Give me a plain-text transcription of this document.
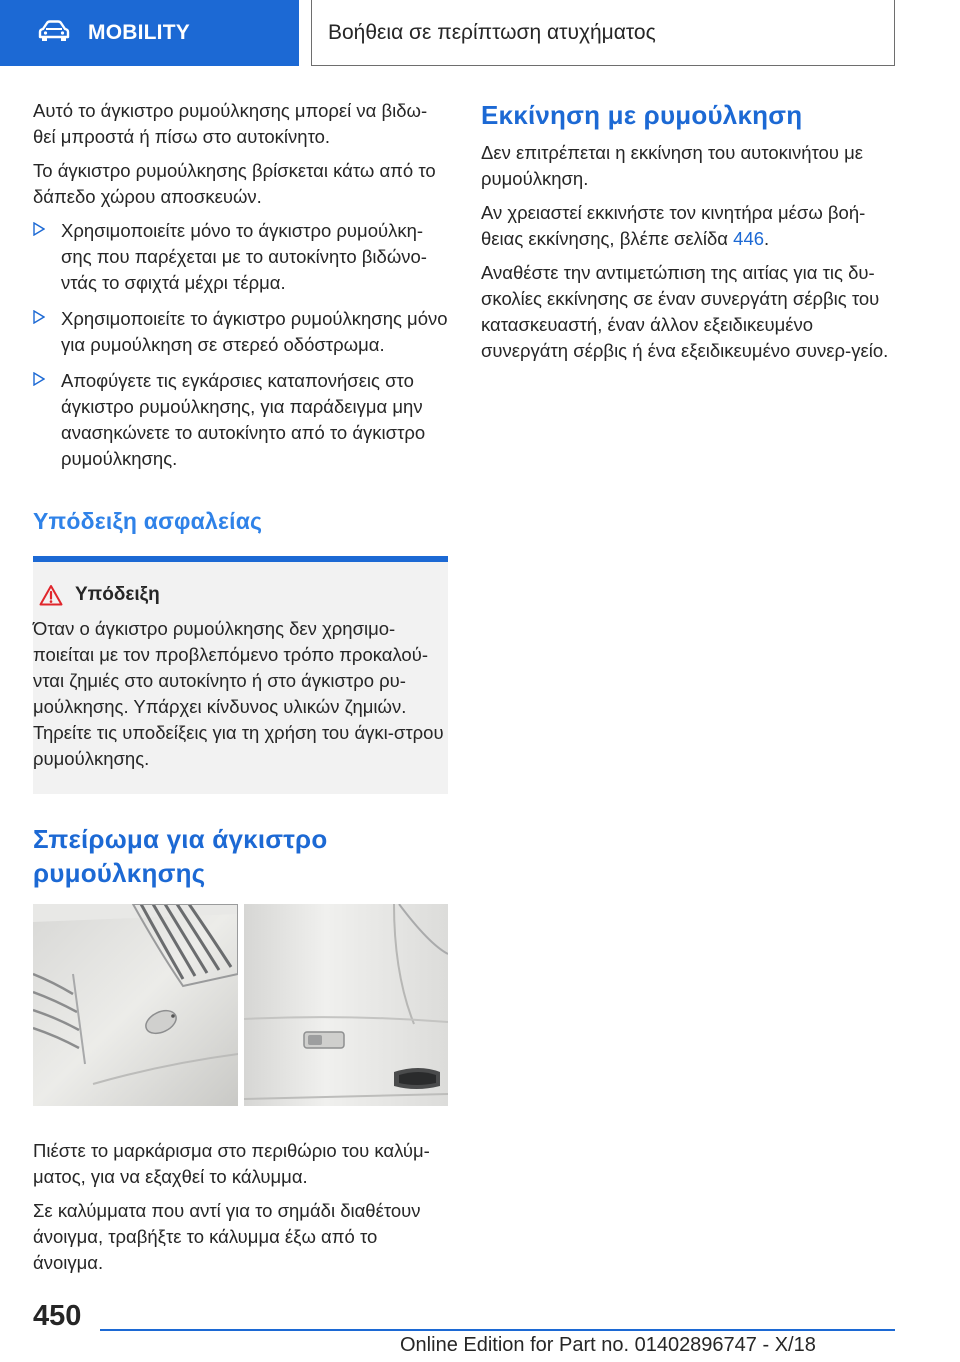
MOBILITY	Βοήθεια σε περίπτωση ατυχήματος

Αυτό το άγκιστρο ρυμούλκησης μπορεί να βιδω‐θεί μπροστά ή πίσω στο αυτοκίνητο.

Το άγκιστρο ρυμούλκησης βρίσκεται κάτω από το δάπεδο χώρου αποσκευών.

Χρησιμοποιείτε μόνο το άγκιστρο ρυμούλκη‐σης που παρέχεται με το αυτοκίνητο βιδώνο‐ντάς το σφιχτά μέχρι τέρμα.
Χρησιμοποιείτε το άγκιστρο ρυμούλκησης μόνο για ρυμούλκηση σε στερεό οδόστρωμα.
Αποφύγετε τις εγκάρσιες καταπονήσεις στο άγκιστρο ρυμούλκησης, για παράδειγμα μην ανασηκώνετε το αυτοκίνητο από το άγκιστρο ρυμούλκησης.
Υπόδειξη ασφαλείας
Υπόδειξη

Όταν ο άγκιστρο ρυμούλκησης δεν χρησιμο‐ποιείται με τον προβλεπόμενο τρόπο προκαλού‐νται ζημιές στο αυτοκίνητο ή στο άγκιστρο ρυ‐μούλκησης. Υπάρχει κίνδυνος υλικών ζημιών. Τηρείτε τις υποδείξεις για τη χρήση του άγκι‐στρου ρυμούλκησης.

Σπείρωμα για άγκιστρο
ρυμούλκησης

Πιέστε το μαρκάρισμα στο περιθώριο του καλύμ‐ματος, για να εξαχθεί το κάλυμμα.

Σε καλύμματα που αντί για το σημάδι διαθέτουν άνοιγμα, τραβήξτε το κάλυμμα έξω από το άνοιγμα.

Εκκίνηση με ρυμούλκηση

Δεν επιτρέπεται η εκκίνηση του αυτοκινήτου με ρυμούλκηση.

Αν χρειαστεί εκκινήστε τον κινητήρα μέσω βοή‐θειας εκκίνησης, βλέπε σελίδα 446.

Αναθέστε την αντιμετώπιση της αιτίας για τις δυ‐σκολίες εκκίνησης σε έναν συνεργάτη σέρβις του κατασκευαστή, έναν άλλον εξειδικευμένο συνεργάτη σέρβις ή ένα εξειδικευμένο συνερ‐γείο.

450
Online Edition for Part no. 01402896747 - X/18
